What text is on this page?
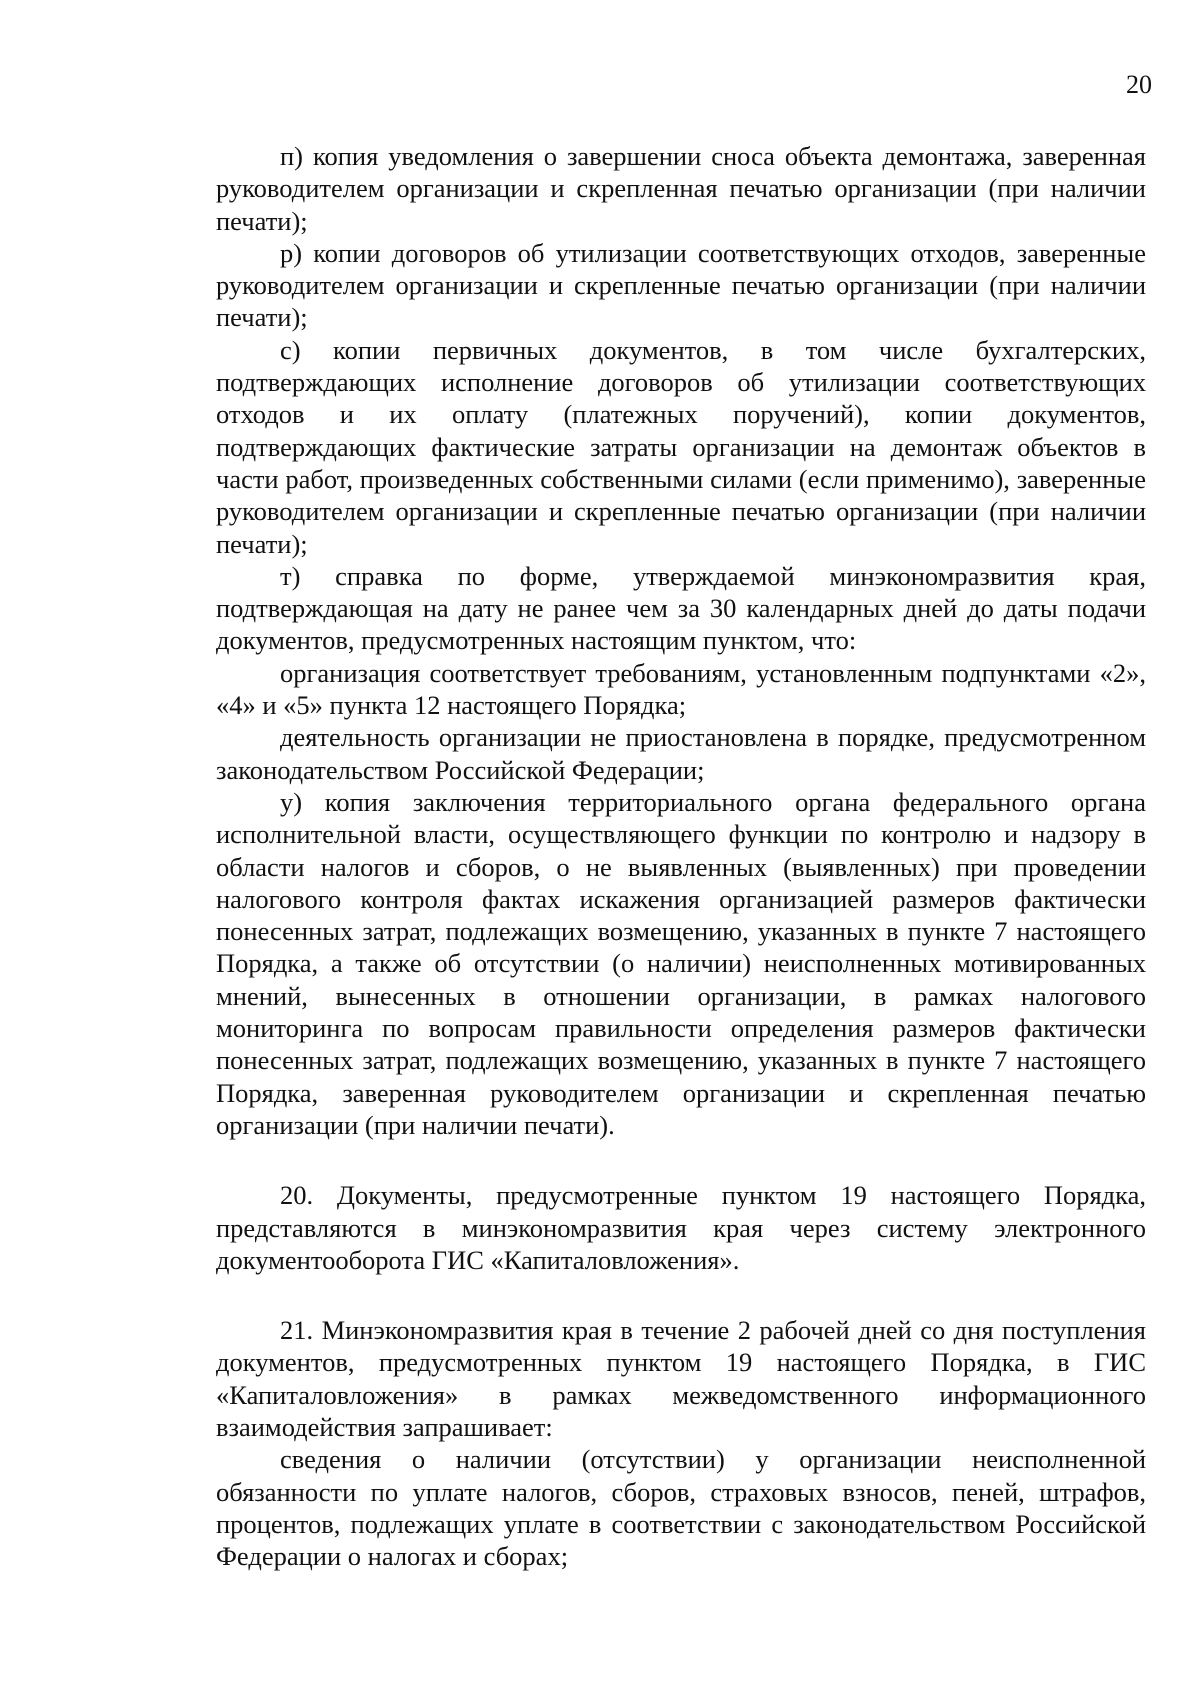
20

п) копия уведомления о завершении сноса объекта демонтажа, заверенная руководителем организации и скрепленная печатью организации (при наличии печати);

р) копии договоров об утилизации соответствующих отходов, заверенные руководителем организации и скрепленные печатью организации (при наличии печати);

с) копии первичных документов, в том числе бухгалтерских, подтверждающих исполнение договоров об утилизации соответствующих отходов и их оплату (платежных поручений), копии документов, подтверждающих фактические затраты организации на демонтаж объектов в части работ, произведенных собственными силами (если применимо), заверенные руководителем организации и скрепленные печатью организации (при наличии печати);

т) справка по форме, утверждаемой минэкономразвития края, подтверждающая на дату не ранее чем за 30 календарных дней до даты подачи документов, предусмотренных настоящим пунктом, что:

организация соответствует требованиям, установленным подпунктами «2», «4» и «5» пункта 12 настоящего Порядка;

деятельность организации не приостановлена в порядке, предусмотренном законодательством Российской Федерации;

у) копия заключения территориального органа федерального органа исполнительной власти, осуществляющего функции по контролю и надзору в области налогов и сборов, о не выявленных (выявленных) при проведении налогового контроля фактах искажения организацией размеров фактически понесенных затрат, подлежащих возмещению, указанных в пункте 7 настоящего Порядка, а также об отсутствии (о наличии) неисполненных мотивированных мнений, вынесенных в отношении организации, в рамках налогового мониторинга по вопросам правильности определения размеров фактически понесенных затрат, подлежащих возмещению, указанных в пункте 7 настоящего Порядка, заверенная руководителем организации и скрепленная печатью организации (при наличии печати).

20. Документы, предусмотренные пунктом 19 настоящего Порядка, представляются в минэкономразвития края через систему электронного документооборота ГИС «Капиталовложения».

21. Минэкономразвития края в течение 2 рабочей дней со дня поступления документов, предусмотренных пунктом 19 настоящего Порядка, в ГИС «Капиталовложения» в рамках межведомственного информационного взаимодействия запрашивает:

сведения о наличии (отсутствии) у организации неисполненной обязанности по уплате налогов, сборов, страховых взносов, пеней, штрафов, процентов, подлежащих уплате в соответствии с законодательством Российской Федерации о налогах и сборах;
